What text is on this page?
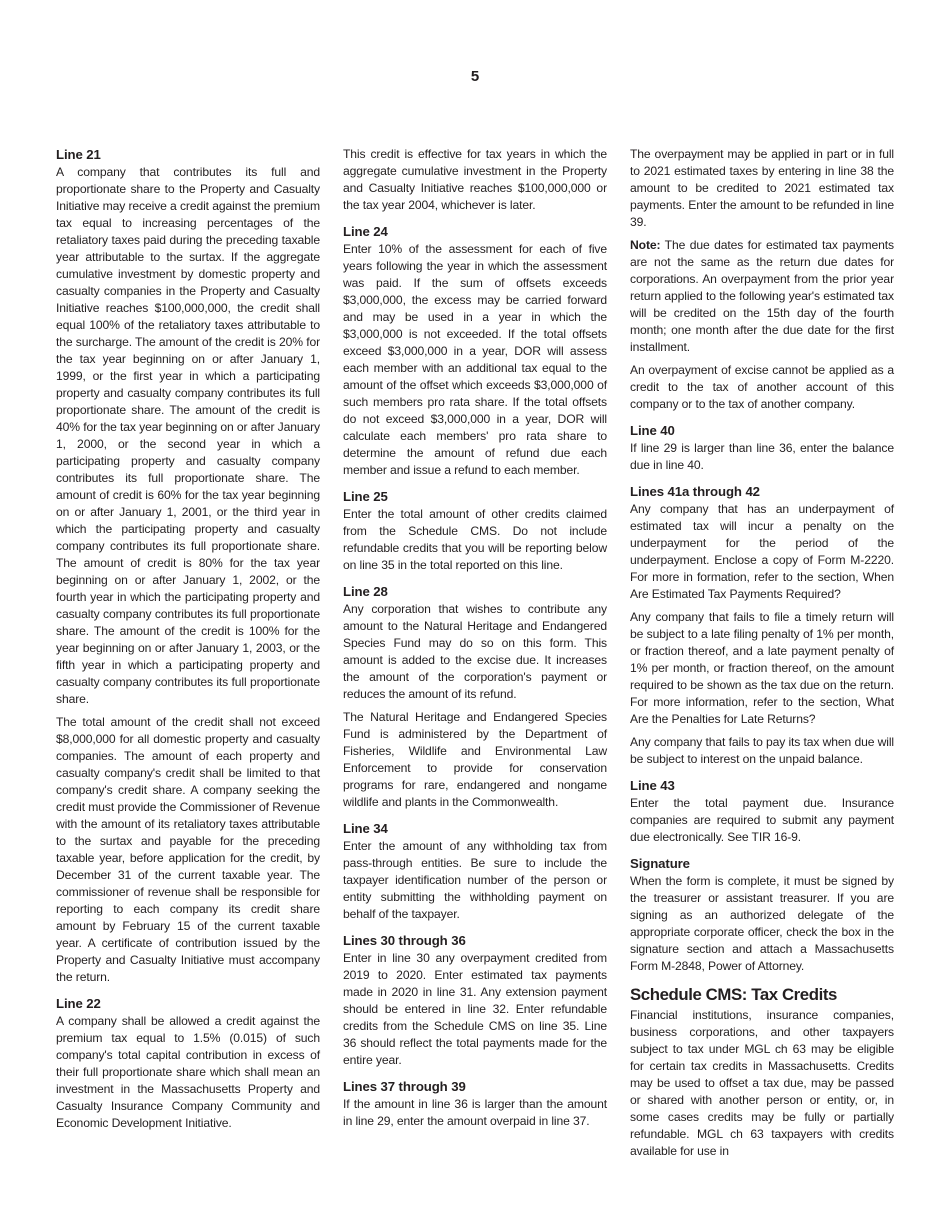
5
Line 21

A company that contributes its full and proportionate share to the Property and Casualty Initiative may receive a credit against the premium tax equal to increasing percentages of the retaliatory taxes paid during the preceding taxable year attributable to the surtax. If the aggregate cumulative investment by domestic property and casualty companies in the Property and Casualty Initiative reaches $100,000,000, the credit shall equal 100% of the retaliatory taxes attributable to the surcharge. The amount of the credit is 20% for the tax year beginning on or after January 1, 1999, or the first year in which a participating property and casualty company contributes its full proportionate share. The amount of the credit is 40% for the tax year beginning on or after January 1, 2000, or the second year in which a participating property and casualty company contributes its full proportionate share. The amount of credit is 60% for the tax year beginning on or after January 1, 2001, or the third year in which the participating property and casualty company contributes its full proportionate share. The amount of credit is 80% for the tax year beginning on or after January 1, 2002, or the fourth year in which the participating property and casualty company contributes its full proportionate share. The amount of the credit is 100% for the year beginning on or after January 1, 2003, or the fifth year in which a participating property and casualty company contributes its full proportionate share.

The total amount of the credit shall not exceed $8,000,000 for all domestic property and casualty companies. The amount of each property and casualty company's credit shall be limited to that company's credit share. A company seeking the credit must provide the Commissioner of Revenue with the amount of its retaliatory taxes attributable to the surtax and payable for the preceding taxable year, before application for the credit, by December 31 of the current taxable year. The commissioner of revenue shall be responsible for reporting to each company its credit share amount by February 15 of the current taxable year. A certificate of contribution issued by the Property and Casualty Initiative must accompany the return.

Line 22

A company shall be allowed a credit against the premium tax equal to 1.5% (0.015) of such company's total capital contribution in excess of their full proportionate share which shall mean an investment in the Massachusetts Property and Casualty Insurance Company Community and Economic Development Initiative.

This credit is effective for tax years in which the aggregate cumulative investment in the Property and Casualty Initiative reaches $100,000,000 or the tax year 2004, whichever is later.

Line 24

Enter 10% of the assessment for each of five years following the year in which the assessment was paid. If the sum of offsets exceeds $3,000,000, the excess may be carried forward and may be used in a year in which the $3,000,000 is not exceeded. If the total offsets exceed $3,000,000 in a year, DOR will assess each member with an additional tax equal to the amount of the offset which exceeds $3,000,000 of such members pro rata share. If the total offsets do not exceed $3,000,000 in a year, DOR will calculate each members' pro rata share to determine the amount of refund due each member and issue a refund to each member.

Line 25

Enter the total amount of other credits claimed from the Schedule CMS. Do not include refundable credits that you will be reporting below on line 35 in the total reported on this line.

Line 28

Any corporation that wishes to contribute any amount to the Natural Heritage and Endangered Species Fund may do so on this form. This amount is added to the excise due. It increases the amount of the corporation's payment or reduces the amount of its refund.

The Natural Heritage and Endangered Species Fund is administered by the Department of Fisheries, Wildlife and Environmental Law Enforcement to provide for conservation programs for rare, endangered and nongame wildlife and plants in the Commonwealth.

Line 34

Enter the amount of any withholding tax from pass-through entities. Be sure to include the taxpayer identification number of the person or entity submitting the withholding payment on behalf of the taxpayer.

Lines 30 through 36

Enter in line 30 any overpayment credited from 2019 to 2020. Enter estimated tax payments made in 2020 in line 31. Any extension payment should be entered in line 32. Enter refundable credits from the Schedule CMS on line 35. Line 36 should reflect the total payments made for the entire year.

Lines 37 through 39

If the amount in line 36 is larger than the amount in line 29, enter the amount overpaid in line 37.

The overpayment may be applied in part or in full to 2021 estimated taxes by entering in line 38 the amount to be credited to 2021 estimated tax payments. Enter the amount to be refunded in line 39.

Note: The due dates for estimated tax payments are not the same as the return due dates for corporations. An overpayment from the prior year return applied to the following year's estimated tax will be credited on the 15th day of the fourth month; one month after the due date for the first installment.

An overpayment of excise cannot be applied as a credit to the tax of another account of this company or to the tax of another company.

Line 40

If line 29 is larger than line 36, enter the balance due in line 40.

Lines 41a through 42

Any company that has an underpayment of estimated tax will incur a penalty on the underpayment for the period of the underpayment. Enclose a copy of Form M-2220. For more in formation, refer to the section, When Are Estimated Tax Payments Required?

Any company that fails to file a timely return will be subject to a late filing penalty of 1% per month, or fraction thereof, and a late payment penalty of 1% per month, or fraction thereof, on the amount required to be shown as the tax due on the return. For more information, refer to the section, What Are the Penalties for Late Returns?

Any company that fails to pay its tax when due will be subject to interest on the unpaid balance.

Line 43

Enter the total payment due. Insurance companies are required to submit any payment due electronically. See TIR 16-9.

Signature

When the form is complete, it must be signed by the treasurer or assistant treasurer. If you are signing as an authorized delegate of the appropriate corporate officer, check the box in the signature section and attach a Massachusetts Form M-2848, Power of Attorney.

Schedule CMS: Tax Credits

Financial institutions, insurance companies, business corporations, and other taxpayers subject to tax under MGL ch 63 may be eligible for certain tax credits in Massachusetts. Credits may be used to offset a tax due, may be passed or shared with another person or entity, or, in some cases credits may be fully or partially refundable. MGL ch 63 taxpayers with credits available for use in
